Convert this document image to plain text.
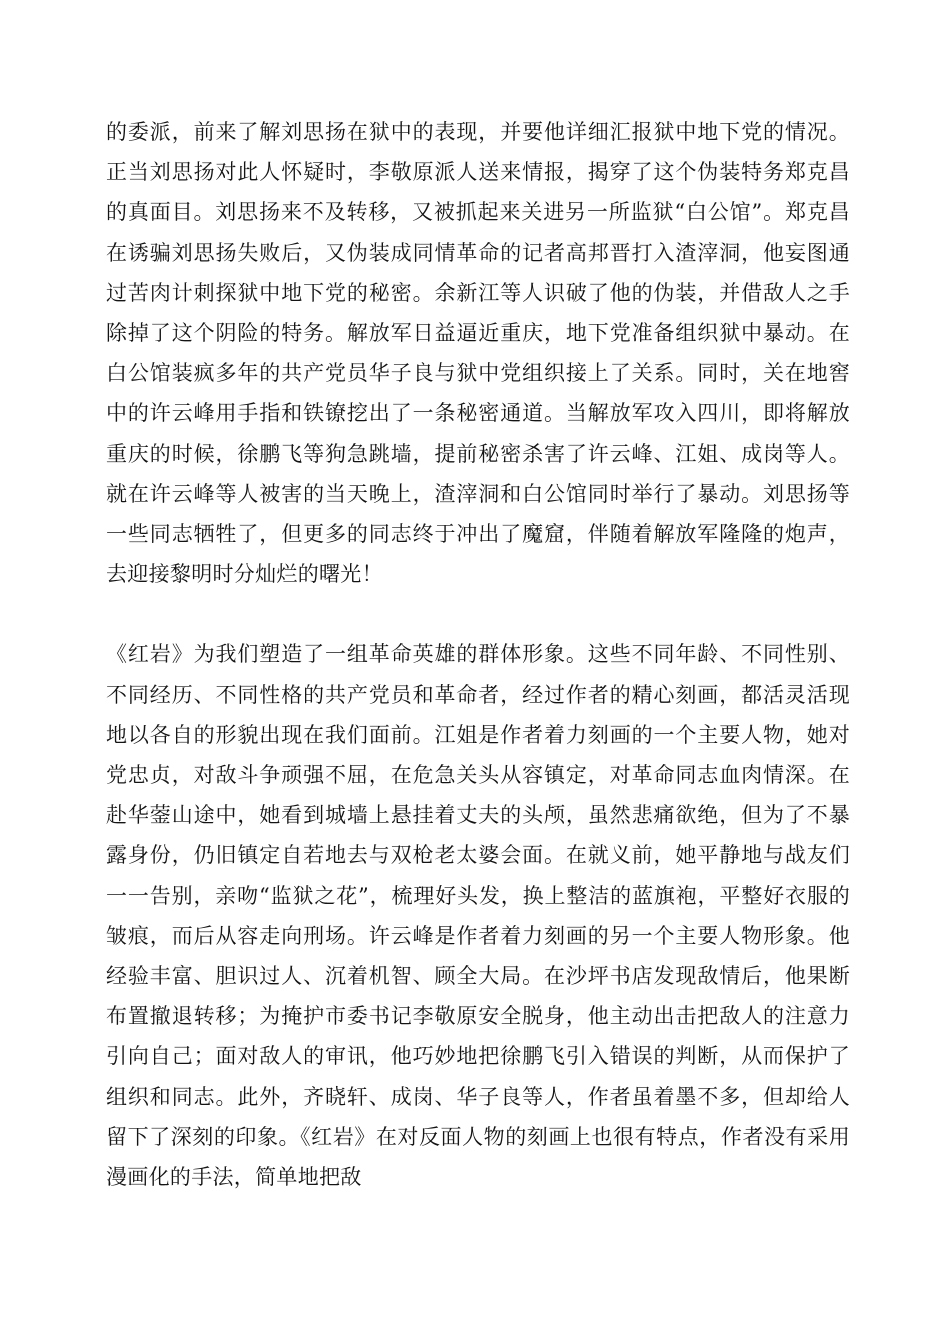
的委派，前来了解刘思扬在狱中的表现，并要他详细汇报狱中地下党的情况。正当刘思扬对此人怀疑时，李敬原派人送来情报，揭穿了这个伪装特务郑克昌的真面目。刘思扬来不及转移，又被抓起来关进另一所监狱“白公馆”。郑克昌在诱骗刘思扬失败后，又伪装成同情革命的记者高邦晋打入渣滓洞，他妄图通过苦肉计刺探狱中地下党的秘密。余新江等人识破了他的伪装，并借敌人之手除掉了这个阴险的特务。解放军日益逼近重庆，地下党准备组织狱中暴动。在白公馆装疯多年的共产党员华子良与狱中党组织接上了关系。同时，关在地窖中的许云峰用手指和铁镣挖出了一条秘密通道。当解放军攻入四川，即将解放重庆的时候，徐鹏飞等狗急跳墙，提前秘密杀害了许云峰、江姐、成岗等人。就在许云峰等人被害的当天晚上，渣滓洞和白公馆同时举行了暴动。刘思扬等一些同志牺牲了，但更多的同志终于冲出了魔窟，伴随着解放军隆隆的炮声，去迎接黎明时分灿烂的曙光！

《红岩》为我们塑造了一组革命英雄的群体形象。这些不同年龄、不同性别、不同经历、不同性格的共产党员和革命者，经过作者的精心刻画，都活灵活现地以各自的形貌出现在我们面前。江姐是作者着力刻画的一个主要人物，她对党忠贞，对敌斗争顽强不屈，在危急关头从容镇定，对革命同志血肉情深。在赴华蓥山途中，她看到城墙上悬挂着丈夫的头颅，虽然悲痛欲绝，但为了不暴露身份，仍旧镇定自若地去与双枪老太婆会面。在就义前，她平静地与战友们一一告别，亲吻“监狱之花”，梳理好头发，换上整洁的蓝旗袍，平整好衣服的皱痕，而后从容走向刑场。许云峰是作者着力刻画的另一个主要人物形象。他经验丰富、胆识过人、沉着机智、顾全大局。在沙坪书店发现敌情后，他果断布置撤退转移；为掩护市委书记李敬原安全脱身，他主动出击把敌人的注意力引向自己；面对敌人的审讯，他巧妙地把徐鹏飞引入错误的判断，从而保护了组织和同志。此外，齐晓轩、成岗、华子良等人，作者虽着墨不多，但却给人留下了深刻的印象。《红岩》在对反面人物的刻画上也很有特点，作者没有采用漫画化的手法，简单地把敌
